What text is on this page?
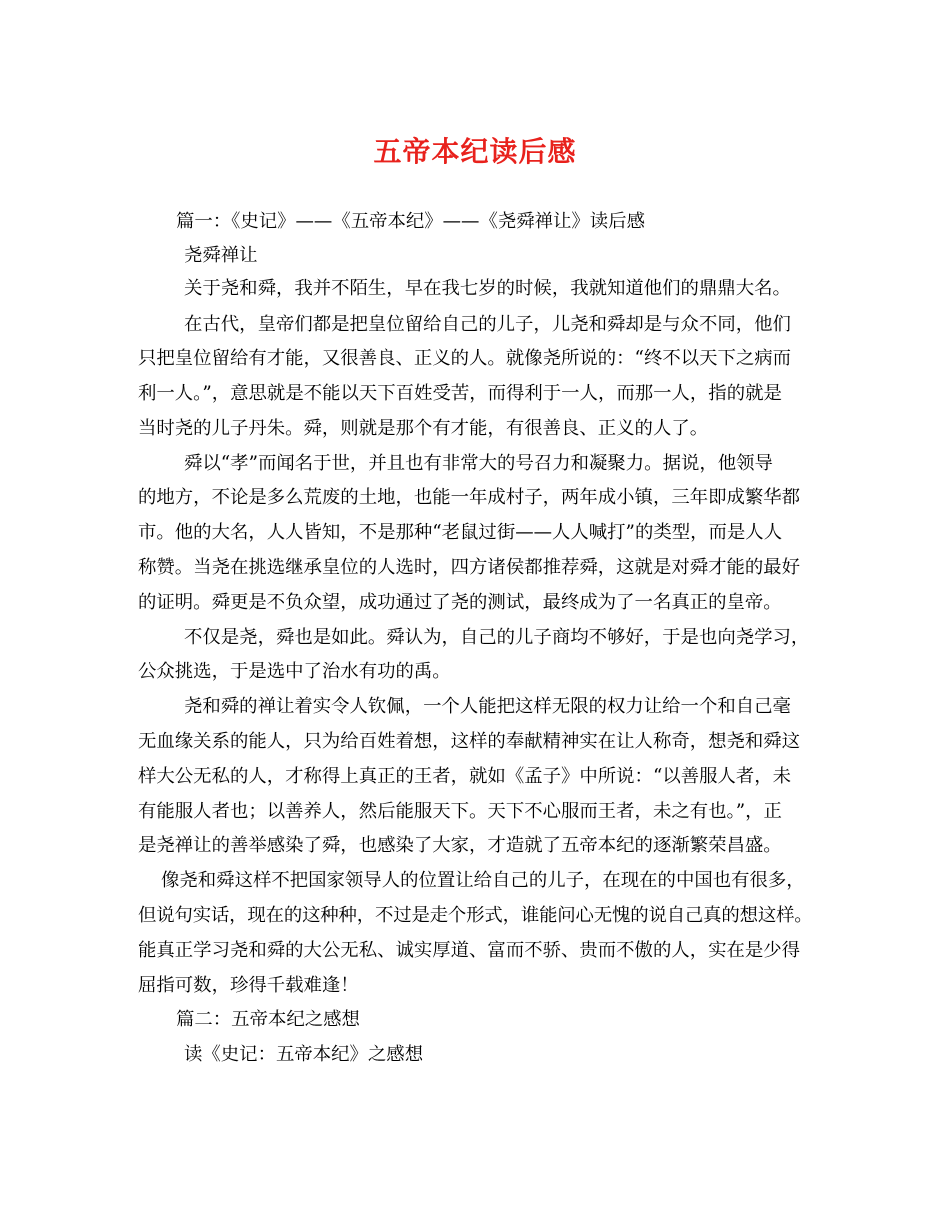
五帝本纪读后感
篇一：《史记》——《五帝本纪》——《尧舜禅让》读后感
尧舜禅让
关于尧和舜，我并不陌生，早在我七岁的时候，我就知道他们的鼎鼎大名。
在古代，皇帝们都是把皇位留给自己的儿子，儿尧和舜却是与众不同，他们
只把皇位留给有才能，又很善良、正义的人。就像尧所说的：“终不以天下之病而
利一人。”，意思就是不能以天下百姓受苦，而得利于一人，而那一人，指的就是
当时尧的儿子丹朱。舜，则就是那个有才能，有很善良、正义的人了。
舜以“孝”而闻名于世，并且也有非常大的号召力和凝聚力。据说，他领导
的地方，不论是多么荒废的土地，也能一年成村子，两年成小镇，三年即成繁华都
市。他的大名，人人皆知，不是那种“老鼠过街——人人喊打”的类型，而是人人
称赞。当尧在挑选继承皇位的人选时，四方诸侯都推荐舜，这就是对舜才能的最好
的证明。舜更是不负众望，成功通过了尧的测试，最终成为了一名真正的皇帝。
不仅是尧，舜也是如此。舜认为，自己的儿子商均不够好，于是也向尧学习，
公众挑选，于是选中了治水有功的禹。
尧和舜的禅让着实令人钦佩，一个人能把这样无限的权力让给一个和自己毫
无血缘关系的能人，只为给百姓着想，这样的奉献精神实在让人称奇，想尧和舜这
样大公无私的人，才称得上真正的王者，就如《孟子》中所说：“以善服人者，未
有能服人者也；以善养人，然后能服天下。天下不心服而王者，未之有也。”，正
是尧禅让的善举感染了舜，也感染了大家，才造就了五帝本纪的逐渐繁荣昌盛。
像尧和舜这样不把国家领导人的位置让给自己的儿子，在现在的中国也有很多，
但说句实话，现在的这种种，不过是走个形式，谁能问心无愧的说自己真的想这样。
能真正学习尧和舜的大公无私、诚实厚道、富而不骄、贵而不傲的人，实在是少得
屈指可数，珍得千载难逢！
篇二：五帝本纪之感想
读《史记：五帝本纪》之感想
